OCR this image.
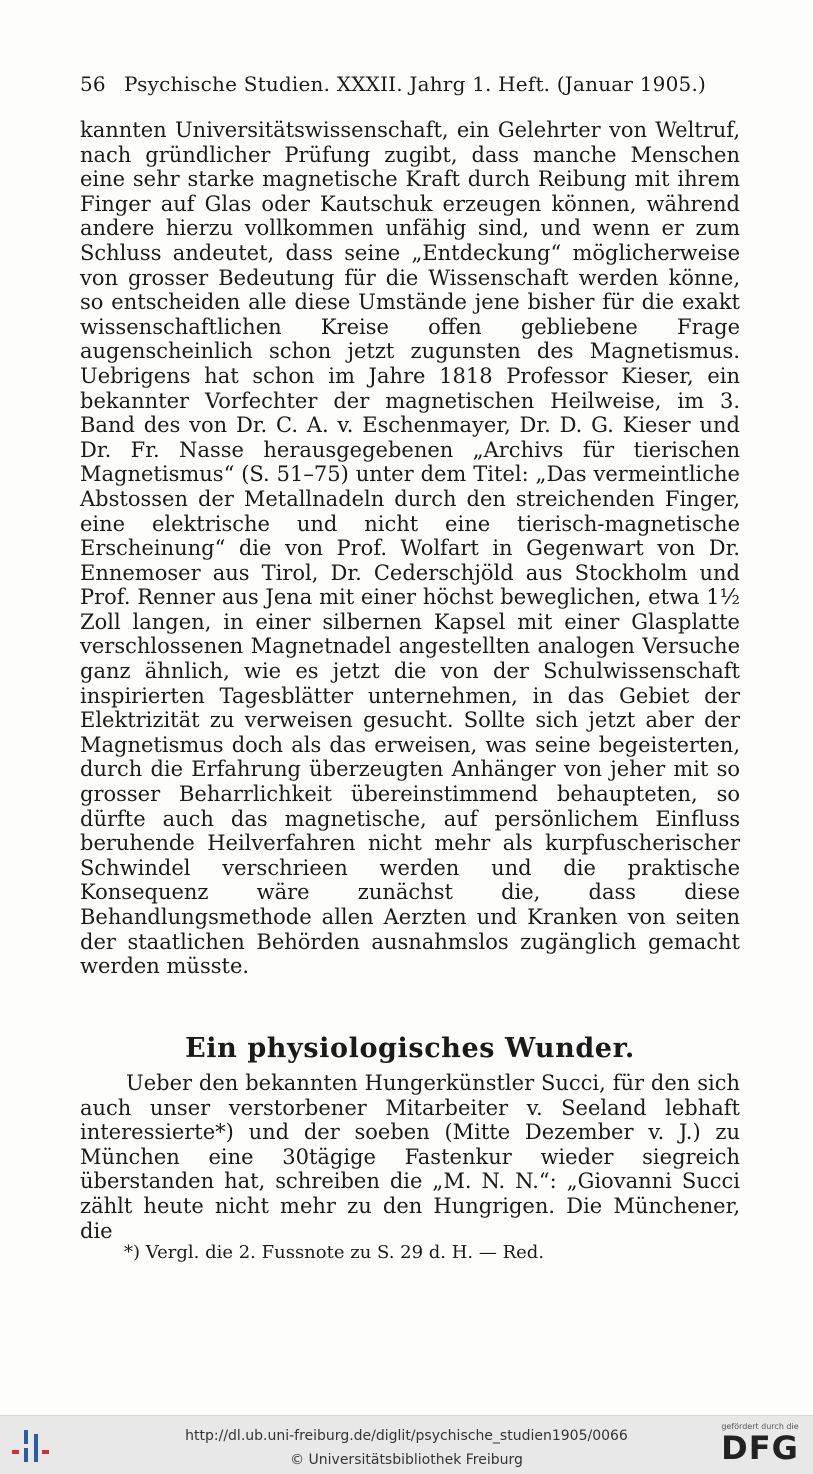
56 Psychische Studien. XXXII. Jahrg 1. Heft. (Januar 1905.)

kannten Universitätswissenschaft, ein Gelehrter von Weltruf, nach gründlicher Prüfung zugibt, dass manche Menschen eine sehr starke magnetische Kraft durch Reibung mit ihrem Finger auf Glas oder Kautschuk erzeugen können, während andere hierzu vollkommen unfähig sind, und wenn er zum Schluss andeutet, dass seine „Entdeckung“ möglicherweise von grosser Bedeutung für die Wissenschaft werden könne, so entscheiden alle diese Umstände jene bisher für die exakt wissenschaftlichen Kreise offen gebliebene Frage augenscheinlich schon jetzt zugunsten des Magnetismus. Uebrigens hat schon im Jahre 1818 Professor Kieser, ein bekannter Vorfechter der magnetischen Heilweise, im 3. Band des von Dr. C. A. v. Eschenmayer, Dr. D. G. Kieser und Dr. Fr. Nasse herausgegebenen „Archivs für tierischen Magnetismus“ (S. 51–75) unter dem Titel: „Das vermeintliche Abstossen der Metallnadeln durch den streichenden Finger, eine elektrische und nicht eine tierisch-magnetische Erscheinung“ die von Prof. Wolfart in Gegenwart von Dr. Ennemoser aus Tirol, Dr. Cederschjöld aus Stockholm und Prof. Renner aus Jena mit einer höchst beweglichen, etwa 1½ Zoll langen, in einer silbernen Kapsel mit einer Glasplatte verschlossenen Magnetnadel angestellten analogen Versuche ganz ähnlich, wie es jetzt die von der Schulwissenschaft inspirierten Tagesblätter unternehmen, in das Gebiet der Elektrizität zu verweisen gesucht. Sollte sich jetzt aber der Magnetismus doch als das erweisen, was seine begeisterten, durch die Erfahrung überzeugten Anhänger von jeher mit so grosser Beharrlichkeit übereinstimmend behaupteten, so dürfte auch das magnetische, auf persönlichem Einfluss beruhende Heilverfahren nicht mehr als kurpfuscherischer Schwindel verschrieen werden und die praktische Konsequenz wäre zunächst die, dass diese Behandlungsmethode allen Aerzten und Kranken von seiten der staatlichen Behörden ausnahmslos zugänglich gemacht werden müsste.

Ein physiologisches Wunder.

Ueber den bekannten Hungerkünstler Succi, für den sich auch unser verstorbener Mitarbeiter v. Seeland lebhaft interessierte*) und der soeben (Mitte Dezember v. J.) zu München eine 30tägige Fastenkur wieder siegreich überstanden hat, schreiben die „M. N. N.“: „Giovanni Succi zählt heute nicht mehr zu den Hungrigen. Die Münchener, die

*) Vergl. die 2. Fussnote zu S. 29 d. H. — Red.
http://dl.ub.uni-freiburg.de/diglit/psychische_studien1905/0066
© Universitätsbibliothek Freiburg
gefördert durch die
DFG
